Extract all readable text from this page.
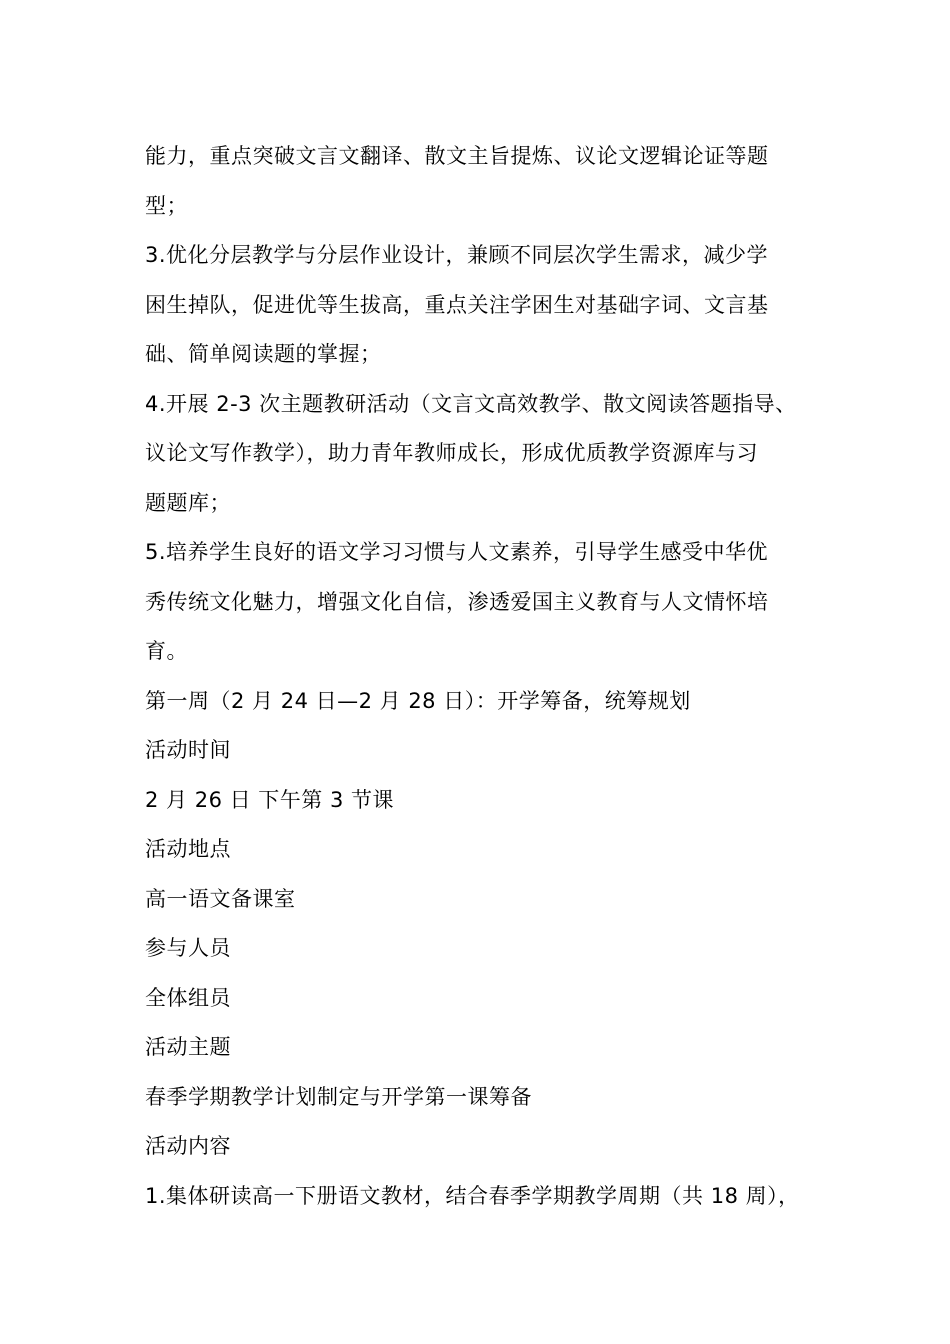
能力，重点突破文言文翻译、散文主旨提炼、议论文逻辑论证等题
型；
3.优化分层教学与分层作业设计，兼顾不同层次学生需求，减少学
困生掉队，促进优等生拔高，重点关注学困生对基础字词、文言基
础、简单阅读题的掌握；
4.开展 2-3 次主题教研活动（文言文高效教学、散文阅读答题指导、
议论文写作教学），助力青年教师成长，形成优质教学资源库与习
题题库；
5.培养学生良好的语文学习习惯与人文素养，引导学生感受中华优
秀传统文化魅力，增强文化自信，渗透爱国主义教育与人文情怀培
育。
第一周（2 月 24 日—2 月 28 日）：开学筹备，统筹规划
活动时间
2 月 26 日 下午第 3 节课
活动地点
高一语文备课室
参与人员
全体组员
活动主题
春季学期教学计划制定与开学第一课筹备
活动内容
1.集体研读高一下册语文教材，结合春季学期教学周期（共 18 周），
